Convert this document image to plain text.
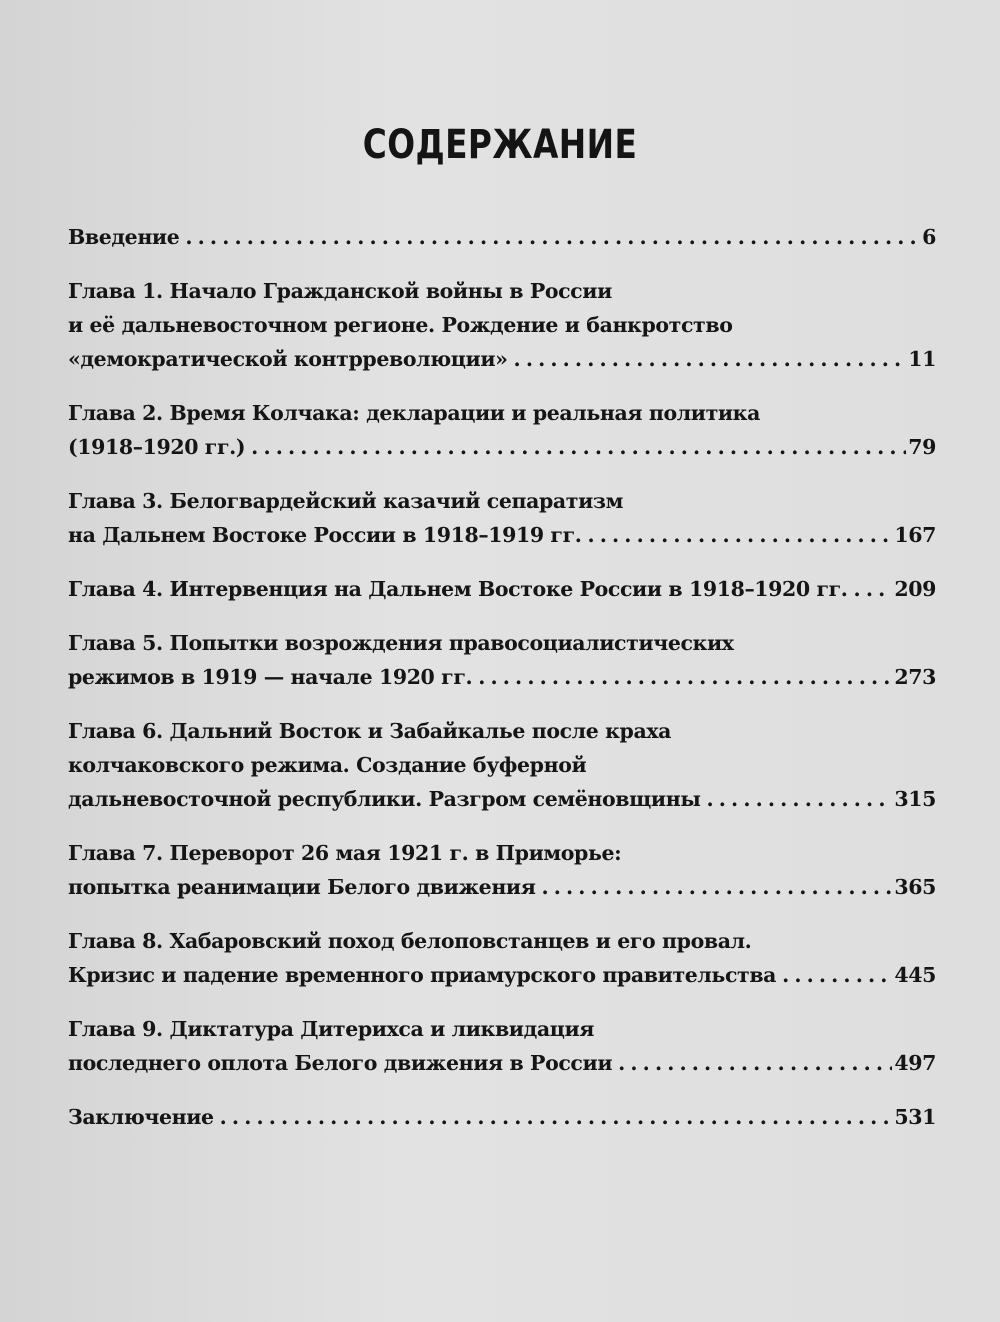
СОДЕРЖАНИЕ
Введение . . .	6
Глава 1. Начало Гражданской войны в России
и её дальневосточном регионе. Рождение и банкротство
«демократической контрреволюции» . . .	11
Глава 2. Время Колчака: декларации и реальная политика
(1918–1920 гг.) . . .	79
Глава 3. Белогвардейский казачий сепаратизм
на Дальнем Востоке России в 1918–1919 гг. . . .	167
Глава 4. Интервенция на Дальнем Востоке России в 1918–1920 гг. . . . 209
Глава 5. Попытки возрождения правосоциалистических
режимов в 1919 — начале 1920 гг. . . .	273
Глава 6. Дальний Восток и Забайкалье после краха
колчаковского режима. Создание буферной
дальневосточной республики. Разгром семёновщины . . .	315
Глава 7. Переворот 26 мая 1921 г. в Приморье:
попытка реанимации Белого движения . . .	365
Глава 8. Хабаровский поход белоповстанцев и его провал.
Кризис и падение временного приамурского правительства . . .	445
Глава 9. Диктатура Дитерихса и ликвидация
последнего оплота Белого движения в России . . .	497
Заключение . . .	531
